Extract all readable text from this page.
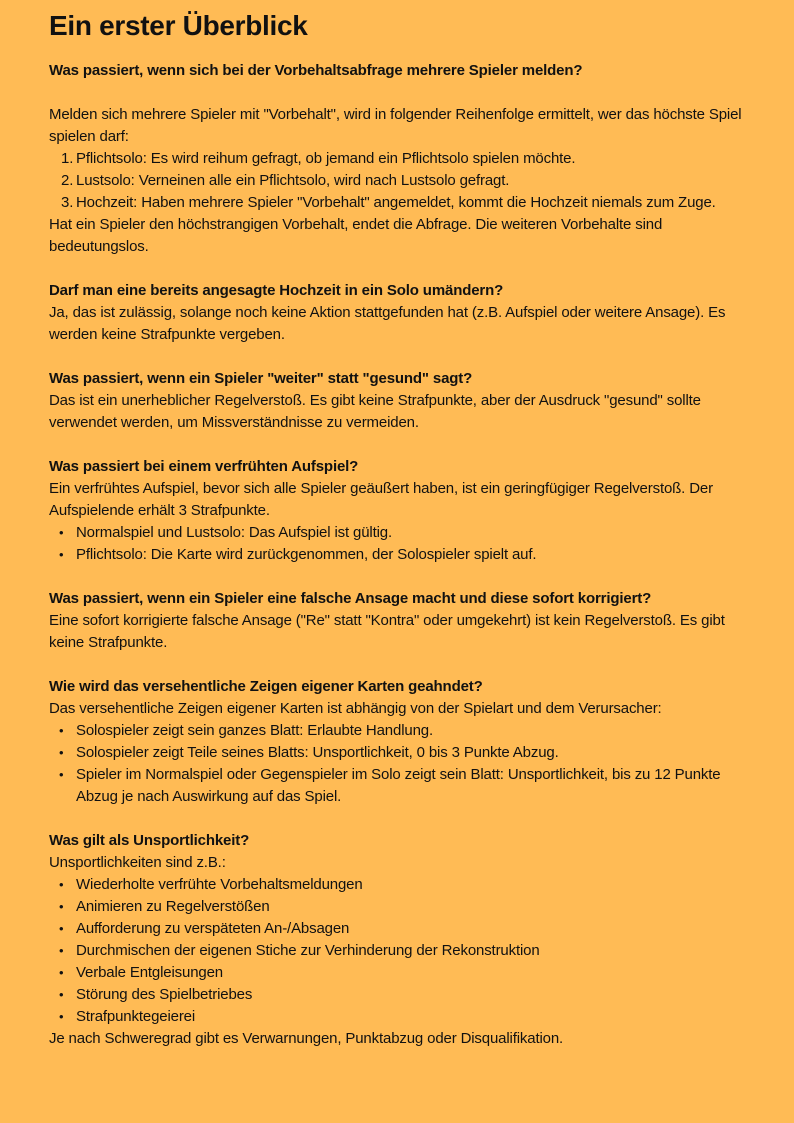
Ein erster Überblick

Was passiert, wenn sich bei der Vorbehaltsabfrage mehrere Spieler melden?

Melden sich mehrere Spieler mit "Vorbehalt", wird in folgender Reihenfolge ermittelt, wer das höchste Spiel spielen darf:

1. Pflichtsolo: Es wird reihum gefragt, ob jemand ein Pflichtsolo spielen möchte.
2. Lustsolo: Verneinen alle ein Pflichtsolo, wird nach Lustsolo gefragt.
3. Hochzeit: Haben mehrere Spieler "Vorbehalt" angemeldet, kommt die Hochzeit niemals zum Zuge.

Hat ein Spieler den höchstrangigen Vorbehalt, endet die Abfrage. Die weiteren Vorbehalte sind bedeutungslos.

Darf man eine bereits angesagte Hochzeit in ein Solo umändern?

Ja, das ist zulässig, solange noch keine Aktion stattgefunden hat (z.B. Aufspiel oder weitere Ansage). Es werden keine Strafpunkte vergeben.

Was passiert, wenn ein Spieler "weiter" statt "gesund" sagt?

Das ist ein unerheblicher Regelverstoß. Es gibt keine Strafpunkte, aber der Ausdruck "gesund" sollte verwendet werden, um Missverständnisse zu vermeiden.

Was passiert bei einem verfrühten Aufspiel?

Ein verfrühtes Aufspiel, bevor sich alle Spieler geäußert haben, ist ein geringfügiger Regelverstoß. Der Aufspielende erhält 3 Strafpunkte.

• Normalspiel und Lustsolo: Das Aufspiel ist gültig.
• Pflichtsolo: Die Karte wird zurückgenommen, der Solospieler spielt auf.

Was passiert, wenn ein Spieler eine falsche Ansage macht und diese sofort korrigiert?

Eine sofort korrigierte falsche Ansage ("Re" statt "Kontra" oder umgekehrt) ist kein Regelverstoß. Es gibt keine Strafpunkte.

Wie wird das versehentliche Zeigen eigener Karten geahndet?

Das versehentliche Zeigen eigener Karten ist abhängig von der Spielart und dem Verursacher:

• Solospieler zeigt sein ganzes Blatt: Erlaubte Handlung.
• Solospieler zeigt Teile seines Blatts: Unsportlichkeit, 0 bis 3 Punkte Abzug.
• Spieler im Normalspiel oder Gegenspieler im Solo zeigt sein Blatt: Unsportlichkeit, bis zu 12 Punkte Abzug je nach Auswirkung auf das Spiel.

Was gilt als Unsportlichkeit?

Unsportlichkeiten sind z.B.:

• Wiederholte verfrühte Vorbehaltsmeldungen
• Animieren zu Regelverstößen
• Aufforderung zu verspäteten An-/Absagen
• Durchmischen der eigenen Stiche zur Verhinderung der Rekonstruktion
• Verbale Entgleisungen
• Störung des Spielbetriebes
• Strafpunktegeierei

Je nach Schweregrad gibt es Verwarnungen, Punktabzug oder Disqualifikation.
